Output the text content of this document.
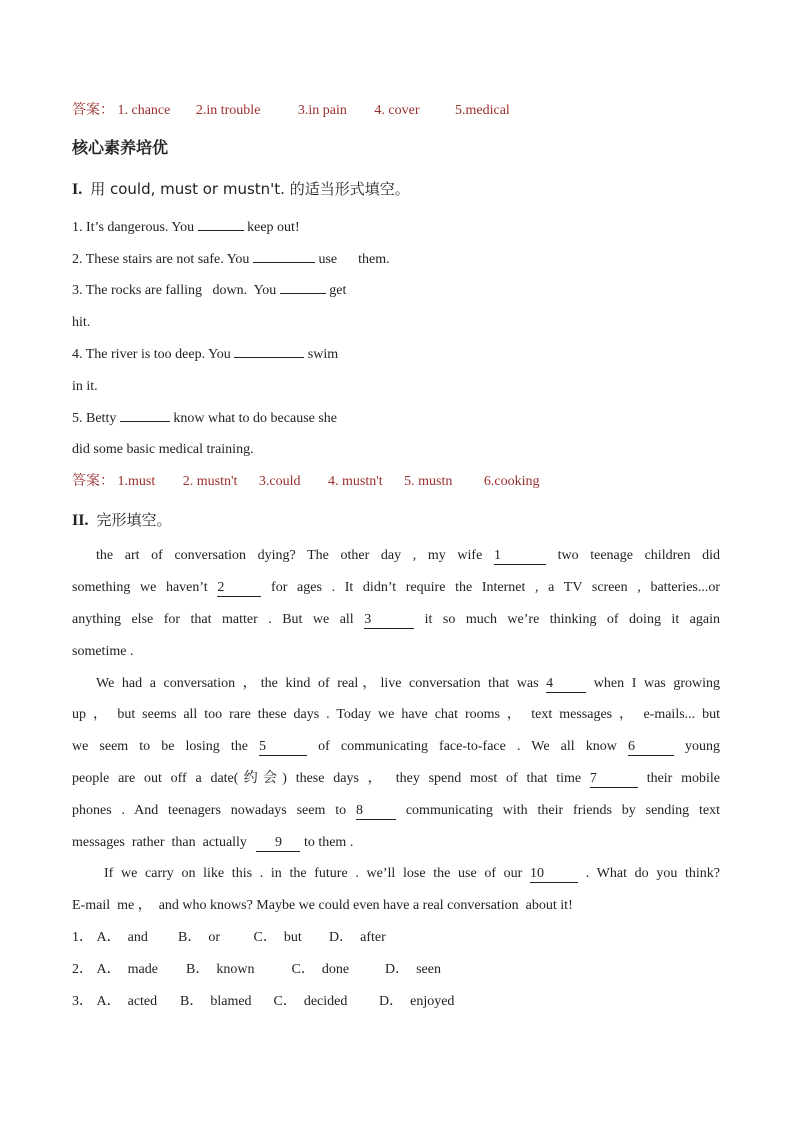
答案： 1. chance 2.in trouble	3.in pain 4. cover	5.medical
核心素养培优
I. 用 could, must or mustn't. 的适当形式填空。
1. It’s dangerous. You	keep out!
2. These stairs are not safe. You	use      them.
3. The rocks are falling   down.  You	get
hit.
4. The river is too deep. You	swim
in it.
5. Betty	know what to do because she
did some basic medical training.
答案： 1.must 2. mustn't 3.could 4. mustn't 5. mustn 6.cooking
II. 完形填空。
the art of conversation dying? The other day , my wife 1	two teenage children did
something we haven’t 2	for ages . It didn’t require the Internet , a TV screen , batteries...or
anything else for that matter . But we all 3	it so much we’re thinking of doing it again
sometime .
We had a conversation ，the kind of real，live conversation that was 4	when I was growing
up ， but seems all too rare these days . Today we have chat rooms ， text messages ， e-mails... but
we seem to be losing the 5	of communicating face-to-face . We all know 6	young
people are out off a date(约会) these days ， they spend most of that time 7	their mobile
phones . And teenagers nowadays seem to 8	communicating with their friends by sending text
messages  rather  than  actually 9 to them .
If we carry on like this . in the future . we’ll lose the use of our 10	. What do you think?
E-mail  me ，  and who knows? Maybe we could even have a real conversation  about it!
1． A．  and B．  or C．  but D．  after
2． A．  made B．  known	C．  done	D．  seen
3． A．  acted B．  blamed C．  decided D．  enjoyed
